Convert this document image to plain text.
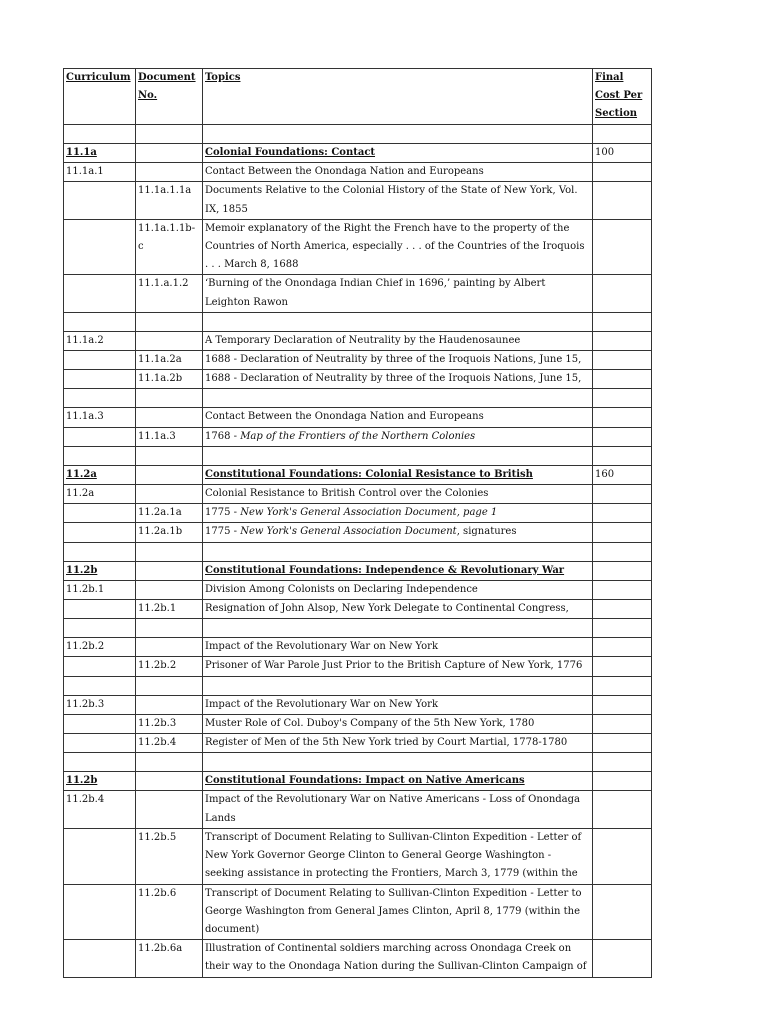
Curriculum	Document No.	Topics	Final Cost Per Section

11.1a		Colonial Foundations: Contact	100
11.1a.1		Contact Between the Onondaga Nation and Europeans	
	11.1a.1.1a	Documents Relative to the Colonial History of the State of New York, Vol. IX, 1855	
	11.1a.1.1b-c	Memoir explanatory of the Right the French have to the property of the Countries of North America, especially . . . of the Countries of the Iroquois . . . March 8, 1688	
	11.1.a.1.2	‘Burning of the Onondaga Indian Chief in 1696,’ painting by Albert Leighton Rawon	

11.1a.2		A Temporary Declaration of Neutrality by the Haudenosaunee	
	11.1a.2a	1688 - Declaration of Neutrality by three of the Iroquois Nations, June 15,	
	11.1a.2b	1688 - Declaration of Neutrality by three of the Iroquois Nations, June 15,	

11.1a.3		Contact Between the Onondaga Nation and Europeans	
	11.1a.3	1768 - Map of the Frontiers of the Northern Colonies	

11.2a		Constitutional Foundations: Colonial Resistance to British	160
11.2a		Colonial Resistance to British Control over the Colonies	
	11.2a.1a	1775 - New York's General Association Document, page 1	
	11.2a.1b	1775 - New York's General Association Document, signatures	

11.2b		Constitutional Foundations: Independence & Revolutionary War	
11.2b.1		Division Among Colonists on Declaring Independence	
	11.2b.1	Resignation of John Alsop, New York Delegate to Continental Congress,	

11.2b.2		Impact of the Revolutionary War on New York	
	11.2b.2	Prisoner of War Parole Just Prior to the British Capture of New York, 1776	

11.2b.3		Impact of the Revolutionary War on New York	
	11.2b.3	Muster Role of Col. Duboy's Company of the 5th New York, 1780	
	11.2b.4	Register of Men of the 5th New York tried by Court Martial, 1778-1780	

11.2b		Constitutional Foundations: Impact on Native Americans	
11.2b.4		Impact of the Revolutionary War on Native Americans - Loss of Onondaga Lands	
	11.2b.5	Transcript of Document Relating to Sullivan-Clinton Expedition - Letter of New York Governor George Clinton to General George Washington - seeking assistance in protecting the Frontiers, March 3, 1779 (within the	
	11.2b.6	Transcript of Document Relating to Sullivan-Clinton Expedition - Letter to George Washington from General James Clinton, April 8, 1779 (within the document)	
	11.2b.6a	Illustration of Continental soldiers marching across Onondaga Creek on their way to the Onondaga Nation during the Sullivan-Clinton Campaign of	
